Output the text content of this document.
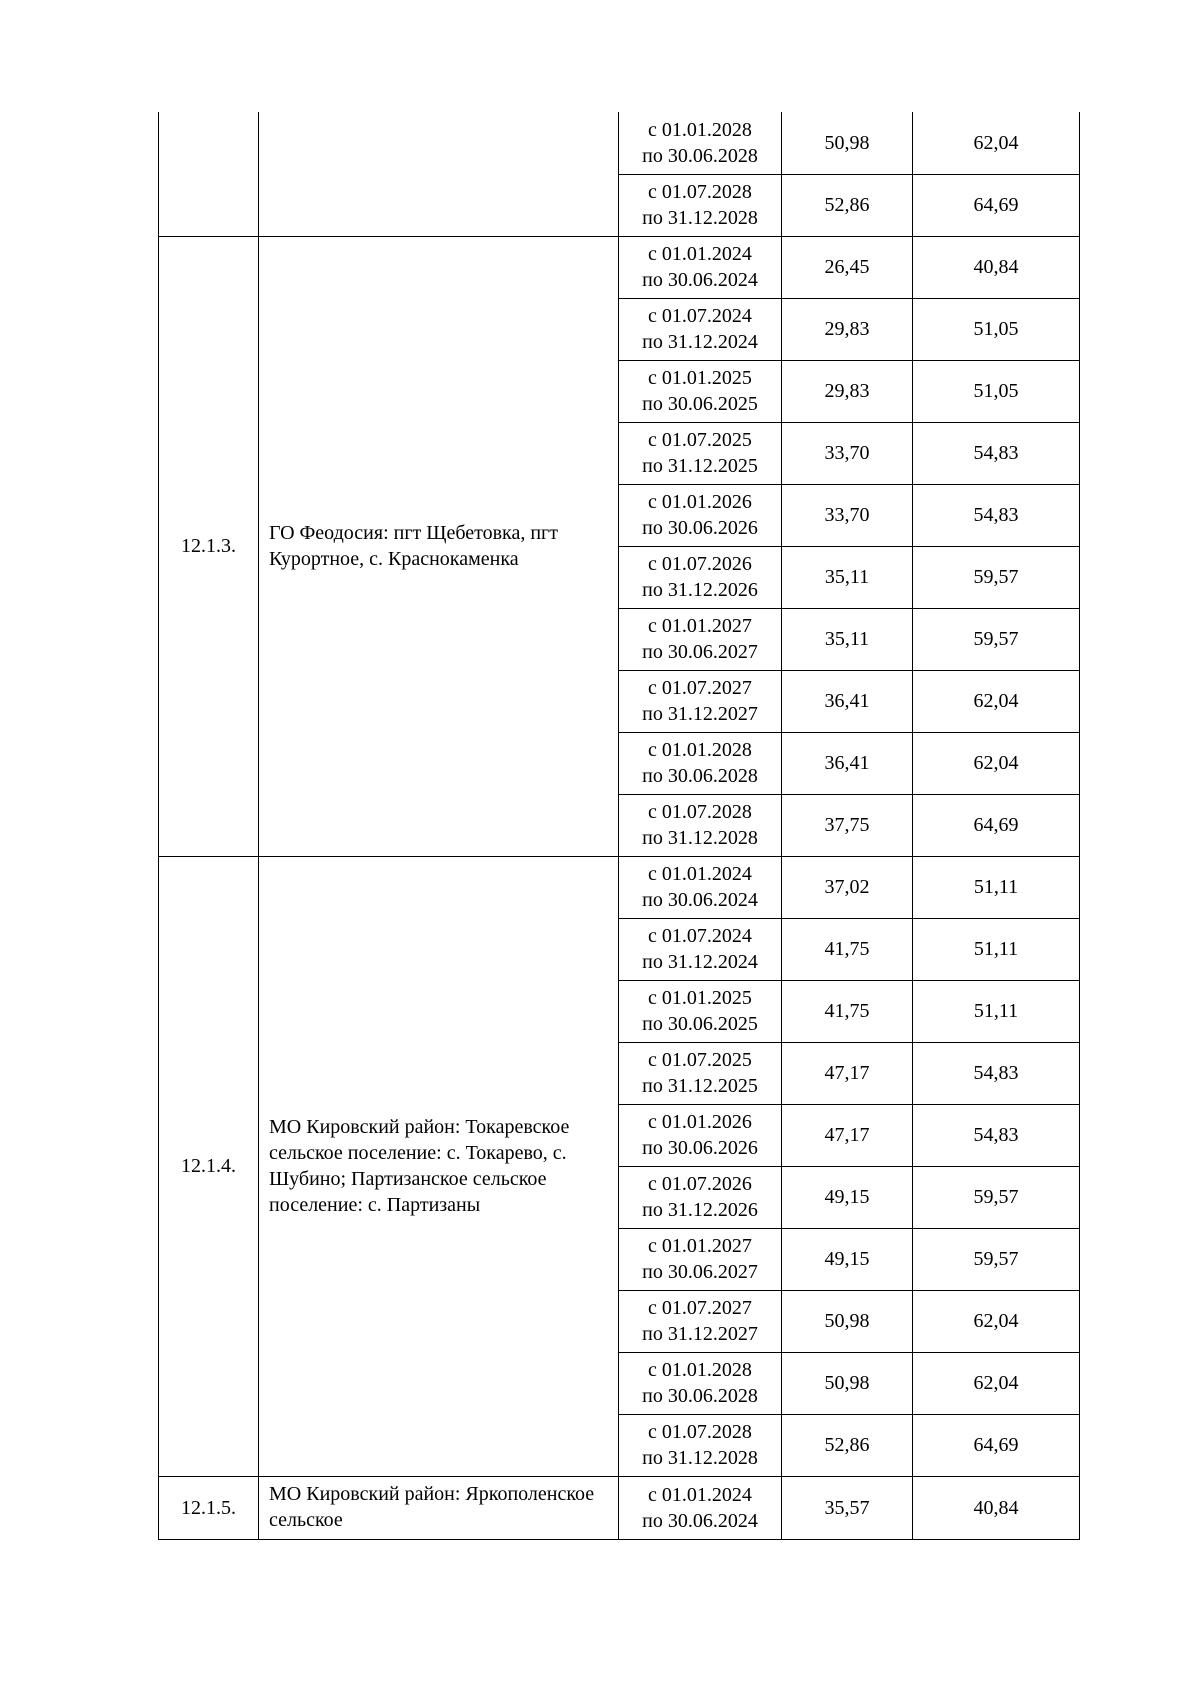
		с 01.01.2028
по 30.06.2028	50,98	62,04

		с 01.07.2028
по 31.12.2028	52,86	64,69
12.1.3.	ГО Феодосия: пгт Щебетовка, пгт Курортное, с. Краснокаменка	с 01.01.2024
по 30.06.2024	26,45	40,84

		с 01.07.2024
по 31.12.2024	29,83	51,05

		с 01.01.2025
по 30.06.2025	29,83	51,05

		с 01.07.2025
по 31.12.2025	33,70	54,83

		с 01.01.2026
по 30.06.2026	33,70	54,83

		с 01.07.2026
по 31.12.2026	35,11	59,57

		с 01.01.2027
по 30.06.2027	35,11	59,57

		с 01.07.2027
по 31.12.2027	36,41	62,04

		с 01.01.2028
по 30.06.2028	36,41	62,04

		с 01.07.2028
по 31.12.2028	37,75	64,69
12.1.4.	МО Кировский район: Токаревское сельское поселение: с. Токарево, с. Шубино; Партизанское сельское поселение: с. Партизаны	с 01.01.2024
по 30.06.2024	37,02	51,11

		с 01.07.2024
по 31.12.2024	41,75	51,11

		с 01.01.2025
по 30.06.2025	41,75	51,11

		с 01.07.2025
по 31.12.2025	47,17	54,83

		с 01.01.2026
по 30.06.2026	47,17	54,83

		с 01.07.2026
по 31.12.2026	49,15	59,57

		с 01.01.2027
по 30.06.2027	49,15	59,57

		с 01.07.2027
по 31.12.2027	50,98	62,04

		с 01.01.2028
по 30.06.2028	50,98	62,04

		с 01.07.2028
по 31.12.2028	52,86	64,69
12.1.5.	МО Кировский район: Яркополенское сельское	с 01.01.2024
по 30.06.2024	35,57	40,84
